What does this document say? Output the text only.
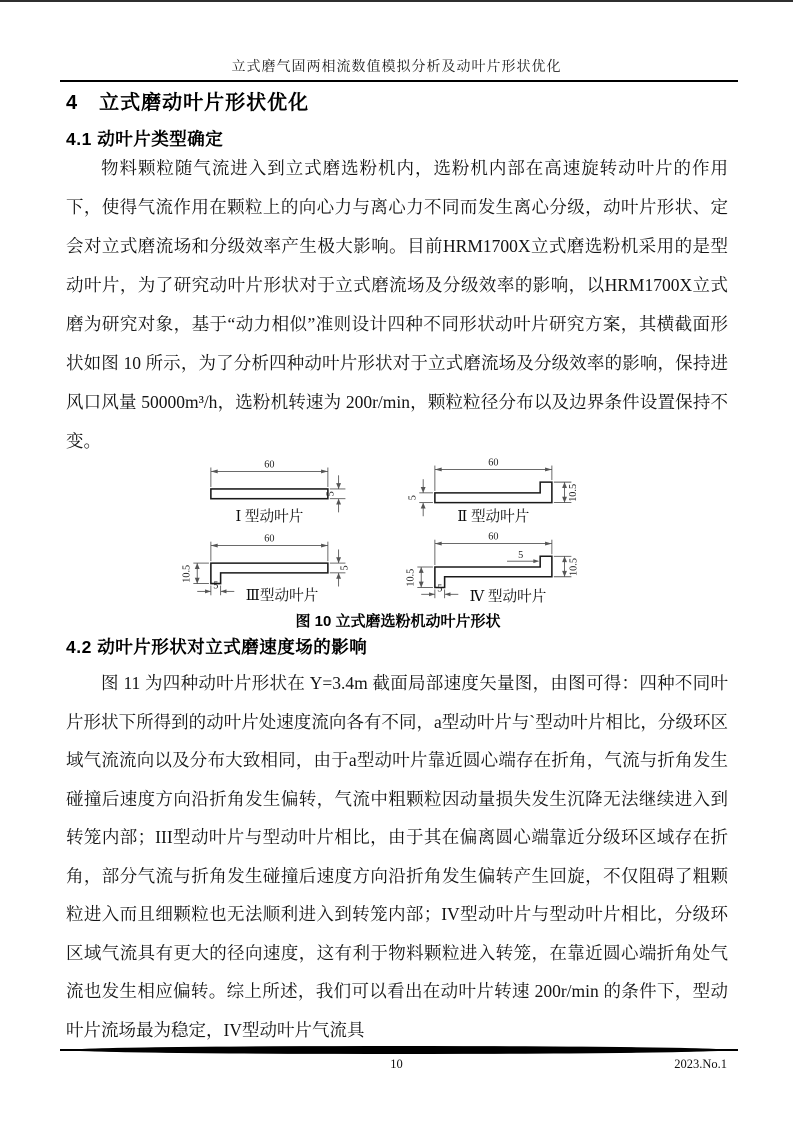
立式磨气固两相流数值模拟分析及动叶片形状优化
4　立式磨动叶片形状优化
4.1 动叶片类型确定

物料颗粒随气流进入到立式磨选粉机内，选粉机内部在高速旋转动叶片的作用下，使得气流作用在颗粒上的向心力与离心力不同而发生离心分级，动叶片形状、定会对立式磨流场和分级效率产生极大影响。目前HRM1700X立式磨选粉机采用的是型动叶片，为了研究动叶片形状对于立式磨流场及分级效率的影响，以HRM1700X立式磨为研究对象，基于“动力相似”准则设计四种不同形状动叶片研究方案，其横截面形状如图 10 所示，为了分析四种动叶片形状对于立式磨流场及分级效率的影响，保持进风口风量 50000m³/h，选粉机转速为 200r/min，颗粒粒径分布以及边界条件设置保持不变。

60
5
Ⅰ 型动叶片
60
5	10.5
Ⅱ 型动叶片
60
10.5	5
5
Ⅲ型动叶片
60
5
10.5
10.5
5
Ⅳ 型动叶片
图 10 立式磨选粉机动叶片形状
4.2 动叶片形状对立式磨速度场的影响

图 11 为四种动叶片形状在 Y=3.4m 截面局部速度矢量图，由图可得：四种不同叶片形状下所得到的动叶片处速度流向各有不同，a型动叶片与`型动叶片相比，分级环区域气流流向以及分布大致相同，由于a型动叶片靠近圆心端存在折角，气流与折角发生碰撞后速度方向沿折角发生偏转，气流中粗颗粒因动量损失发生沉降无法继续进入到转笼内部；III型动叶片与型动叶片相比，由于其在偏离圆心端靠近分级环区域存在折角，部分气流与折角发生碰撞后速度方向沿折角发生偏转产生回旋，不仅阻碍了粗颗粒进入而且细颗粒也无法顺利进入到转笼内部；IV型动叶片与型动叶片相比，分级环区域气流具有更大的径向速度，这有利于物料颗粒进入转笼，在靠近圆心端折角处气流也发生相应偏转。综上所述，我们可以看出在动叶片转速 200r/min 的条件下，型动叶片流场最为稳定，IV型动叶片气流具

10	2023.No.1
